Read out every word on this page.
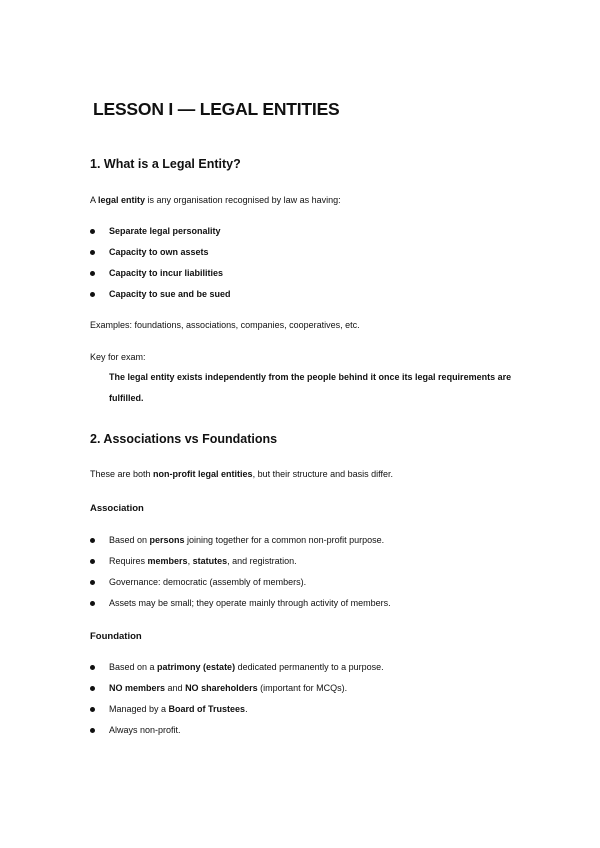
LESSON I — LEGAL ENTITIES
1. What is a Legal Entity?
A legal entity is any organisation recognised by law as having:
Separate legal personality
Capacity to own assets
Capacity to incur liabilities
Capacity to sue and be sued
Examples: foundations, associations, companies, cooperatives, etc.
Key for exam:
The legal entity exists independently from the people behind it once its legal requirements are fulfilled.
2. Associations vs Foundations
These are both non-profit legal entities, but their structure and basis differ.
Association
Based on persons joining together for a common non-profit purpose.
Requires members, statutes, and registration.
Governance: democratic (assembly of members).
Assets may be small; they operate mainly through activity of members.
Foundation
Based on a patrimony (estate) dedicated permanently to a purpose.
NO members and NO shareholders (important for MCQs).
Managed by a Board of Trustees.
Always non-profit.
